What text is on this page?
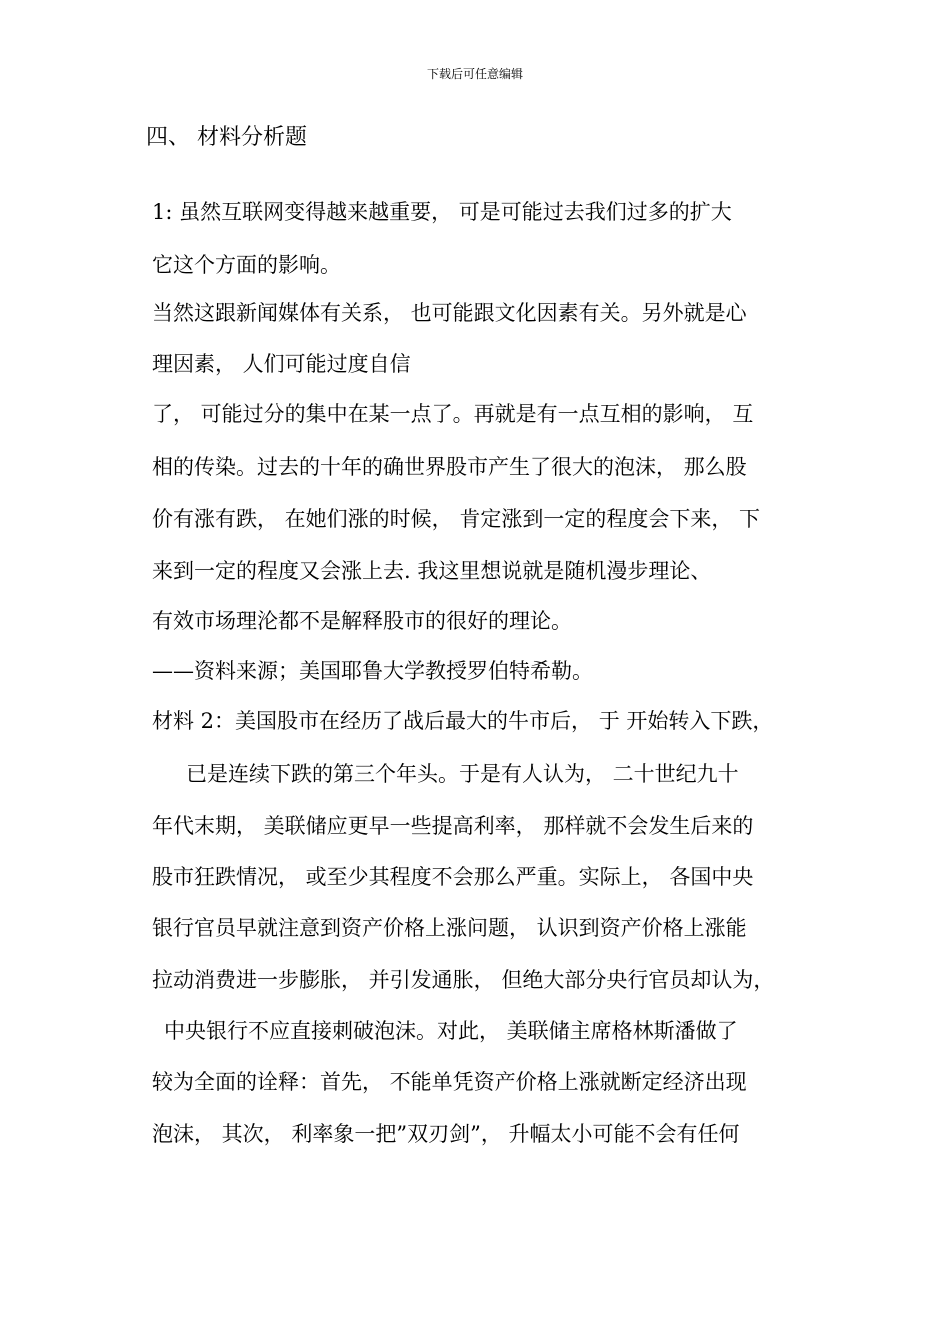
下载后可任意编辑
四、 材料分析题
1: 虽然互联网变得越来越重要， 可是可能过去我们过多的扩大
它这个方面的影响。
当然这跟新闻媒体有关系， 也可能跟文化因素有关。另外就是心
理因素， 人们可能过度自信
了， 可能过分的集中在某一点了。再就是有一点互相的影响， 互
相的传染。过去的十年的确世界股市产生了很大的泡沫， 那么股
价有涨有跌， 在她们涨的时候， 肯定涨到一定的程度会下来， 下
来到一定的程度又会涨上去. 我这里想说就是随机漫步理论、
有效市场理沦都不是解释股市的很好的理论。
——资料来源；美国耶鲁大学教授罗伯特希勒。
材料 2：美国股市在经历了战后最大的牛市后， 于 开始转入下跌，
已是连续下跌的第三个年头。于是有人认为， 二十世纪九十
年代末期， 美联储应更早一些提高利率， 那样就不会发生后来的
股市狂跌情况， 或至少其程度不会那么严重。实际上， 各国中央
银行官员早就注意到资产价格上涨问题， 认识到资产价格上涨能
拉动消费进一步膨胀， 并引发通胀， 但绝大部分央行官员却认为，
中央银行不应直接刺破泡沫。对此， 美联储主席格林斯潘做了
较为全面的诠释：首先， 不能单凭资产价格上涨就断定经济出现
泡沫， 其次， 利率象一把”双刃剑”， 升幅太小可能不会有任何
